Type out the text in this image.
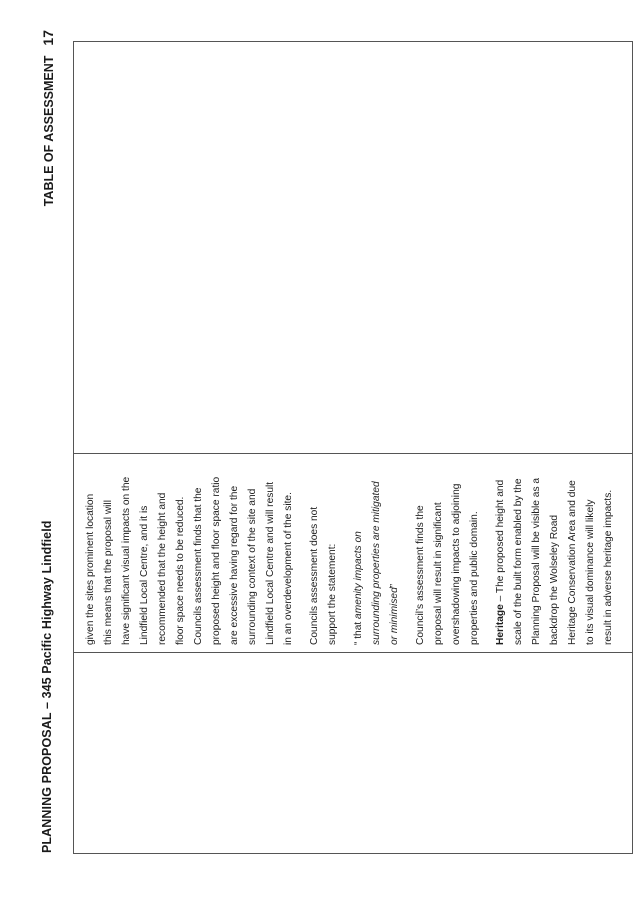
PLANNING PROPOSAL – 345 Pacific Highway Lindfield
TABLE OF ASSESSMENT17

given the sites prominent location this means that the proposal will have significant visual impacts on the Lindfield Local Centre, and it is recommended that the height and floor space needs to be reduced. Councils assessment finds that the proposed height and floor space ratio are excessive having regard for the surrounding context of the site and Lindfield Local Centre and will result in an overdevelopment of the site.	Councils assessment does not support the statement:	“ that amenity impacts on surrounding properties are mitigated or minimised”	Council’s assessment finds the proposal will result in significant overshadowing impacts to adjoining properties and public domain.	Heritage – The proposed height and scale of the built form enabled by the Planning Proposal will be visible as a backdrop the Wolseley Road Heritage Conservation Area and due to its visual dominance will likely result in adverse heritage impacts.
